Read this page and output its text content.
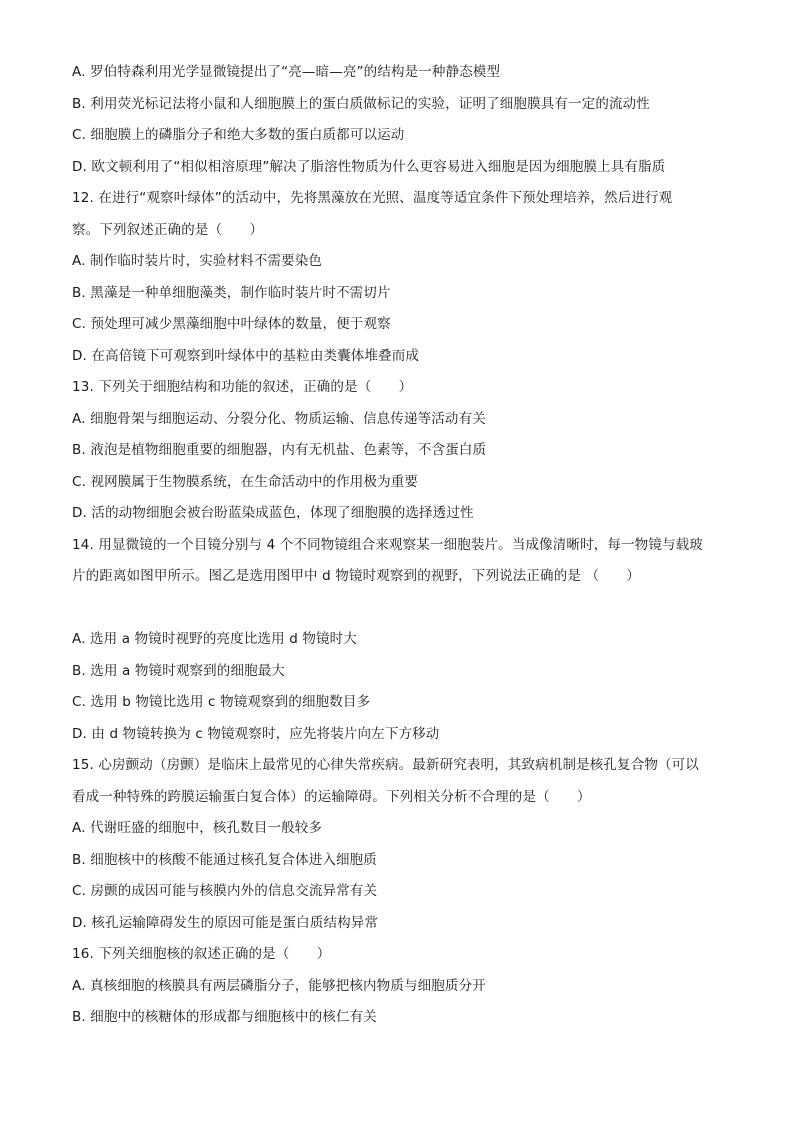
A. 罗伯特森利用光学显微镜提出了“亮—暗—亮”的结构是一种静态模型
B. 利用荧光标记法将小鼠和人细胞膜上的蛋白质做标记的实验，证明了细胞膜具有一定的流动性
C. 细胞膜上的磷脂分子和绝大多数的蛋白质都可以运动
D. 欧文顿利用了“相似相溶原理”解决了脂溶性物质为什么更容易进入细胞是因为细胞膜上具有脂质
12. 在进行“观察叶绿体”的活动中，先将黑藻放在光照、温度等适宜条件下预处理培养，然后进行观
察。下列叙述正确的是（　　）
A. 制作临时装片时，实验材料不需要染色
B. 黑藻是一种单细胞藻类，制作临时装片时不需切片
C. 预处理可减少黑藻细胞中叶绿体的数量，便于观察
D. 在高倍镜下可观察到叶绿体中的基粒由类囊体堆叠而成
13. 下列关于细胞结构和功能的叙述，正确的是（　　）
A. 细胞骨架与细胞运动、分裂分化、物质运输、信息传递等活动有关
B. 液泡是植物细胞重要的细胞器，内有无机盐、色素等，不含蛋白质
C. 视网膜属于生物膜系统，在生命活动中的作用极为重要
D. 活的动物细胞会被台盼蓝染成蓝色，体现了细胞膜的选择透过性
14. 用显微镜的一个目镜分别与 4 个不同物镜组合来观察某一细胞装片。当成像清晰时，每一物镜与载玻
片的距离如图甲所示。图乙是选用图甲中 d 物镜时观察到的视野，下列说法正确的是 （　　）
A. 选用 a 物镜时视野的亮度比选用 d 物镜时大
B. 选用 a 物镜时观察到的细胞最大
C. 选用 b 物镜比选用 c 物镜观察到的细胞数目多
D. 由 d 物镜转换为 c 物镜观察时，应先将装片向左下方移动
15. 心房颤动（房颤）是临床上最常见的心律失常疾病。最新研究表明，其致病机制是核孔复合物（可以
看成一种特殊的跨膜运输蛋白复合体）的运输障碍。下列相关分析不合理的是（　　）
A. 代谢旺盛的细胞中，核孔数目一般较多
B. 细胞核中的核酸不能通过核孔复合体进入细胞质
C. 房颤的成因可能与核膜内外的信息交流异常有关
D. 核孔运输障碍发生的原因可能是蛋白质结构异常
16. 下列关细胞核的叙述正确的是（　　）
A. 真核细胞的核膜具有两层磷脂分子，能够把核内物质与细胞质分开
B. 细胞中的核糖体的形成都与细胞核中的核仁有关
